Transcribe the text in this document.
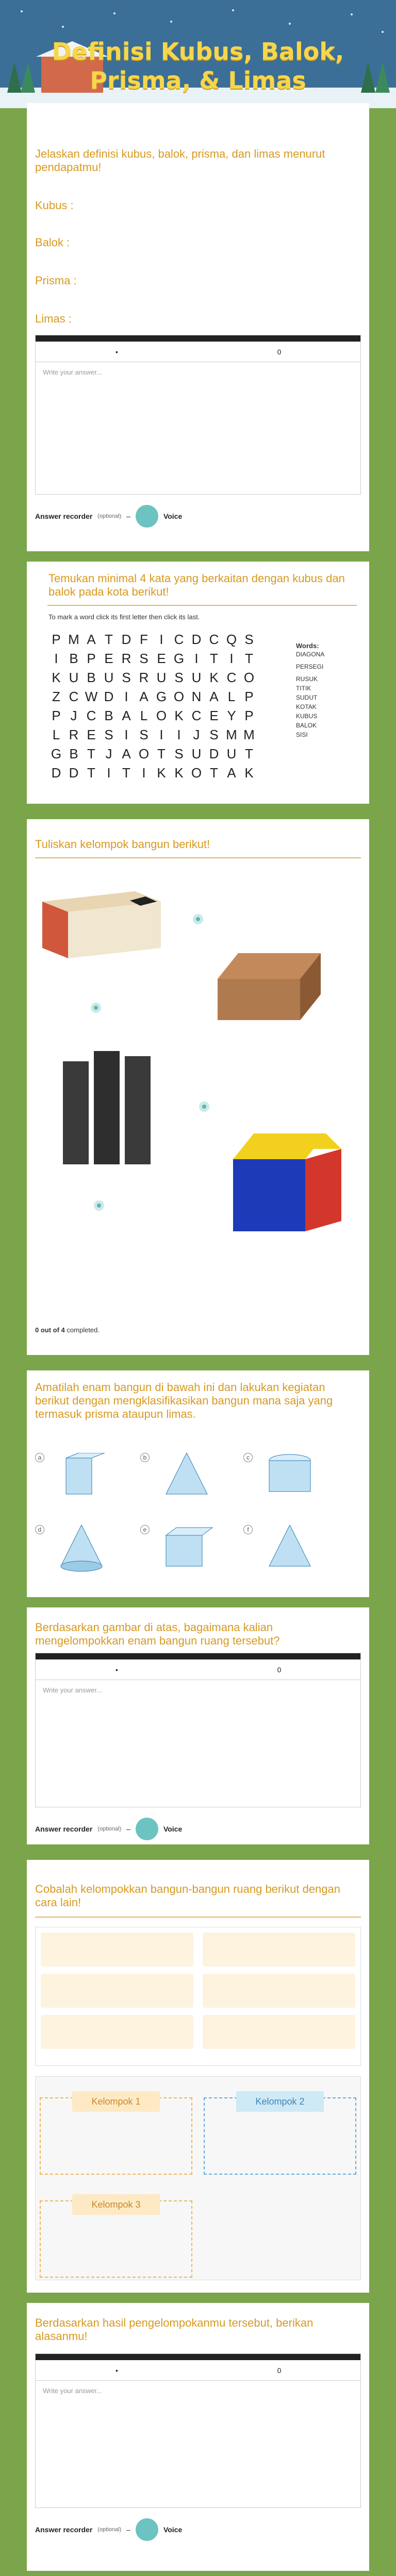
Definisi Kubus, Balok, Prisma, & Limas
Jelaskan definisi kubus, balok, prisma, dan limas menurut pendapatmu!
Kubus :
Balok :
Prisma :
Limas :
•	0
Write your answer...
Answer recorder (optional) –	Voice
Temukan minimal 4 kata yang berkaitan dengan kubus dan balok pada kota berikut!
To mark a word click its first letter then click its last.
P M A T D F I C D C Q S
I B P E R S E G I T I T
K U B U S R U S U K C O
Z C W D I A G O N A L P
P J C B A L O K C E Y P
L R E S I S I	I J S M M
G B T J A O T S U D U T
D D T I T I K K O T A K
Words:
DIAGONA
PERSEGI
RUSUK
TITIK
SUDUT
KOTAK
KUBUS
BALOK
SISI
Tuliskan kelompok bangun berikut!
0 out of 4 completed.
Amatilah enam bangun di bawah ini dan lakukan kegiatan berikut dengan mengklasifikasikan bangun mana saja yang termasuk prisma ataupun limas.
a	b	c
d	e	f
Berdasarkan gambar di atas, bagaimana kalian mengelompokkan enam bangun ruang tersebut?
•	0
Write your answer...
Answer recorder (optional) –	Voice
Cobalah kelompokkan bangun-bangun ruang berikut dengan cara lain!
Kelompok 1	Kelompok 2
Kelompok 3
Berdasarkan hasil pengelompokanmu tersebut, berikan alasanmu!
•	0
Write your answer...
Answer recorder (optional) –	Voice
